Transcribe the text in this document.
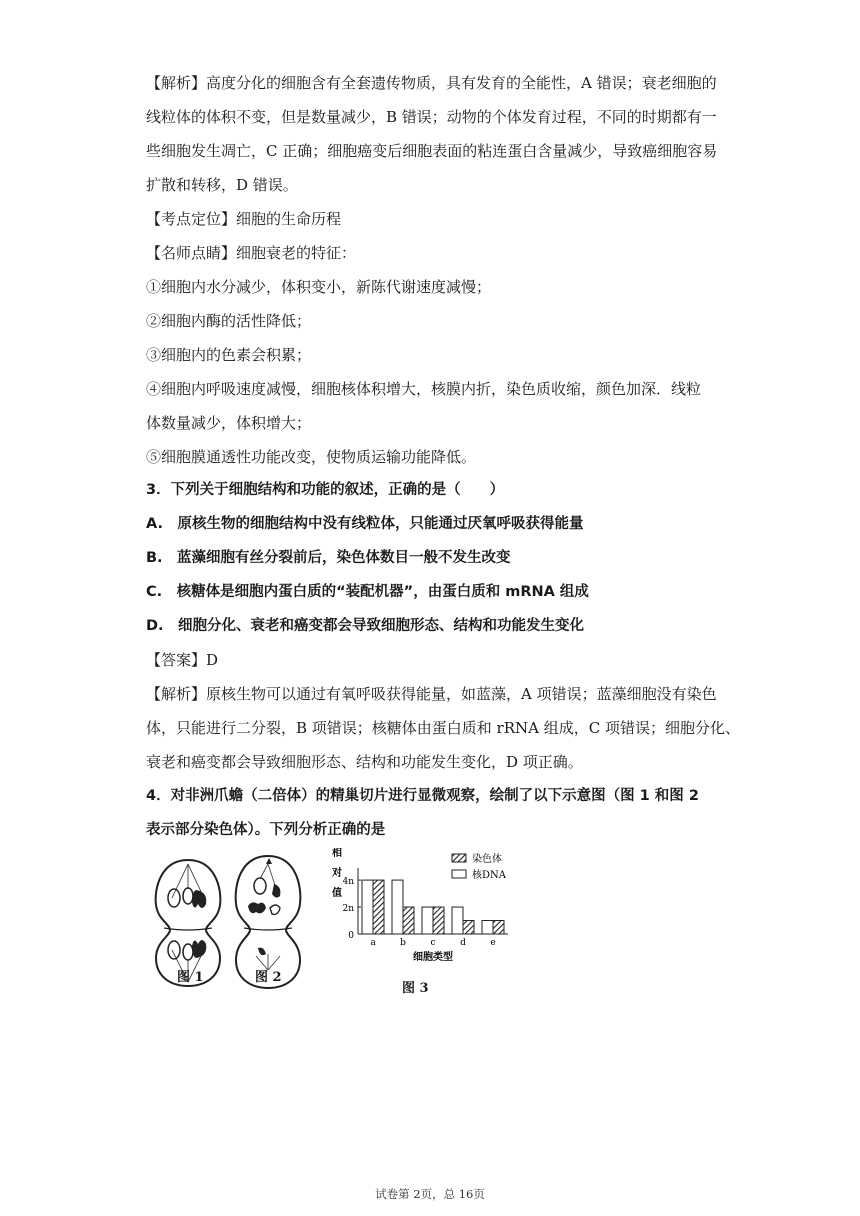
【解析】高度分化的细胞含有全套遗传物质，具有发育的全能性，A 错误；衰老细胞的
线粒体的体积不变，但是数量减少，B 错误；动物的个体发育过程，不同的时期都有一
些细胞发生凋亡，C 正确；细胞癌变后细胞表面的粘连蛋白含量减少，导致癌细胞容易
扩散和转移，D 错误。
【考点定位】细胞的生命历程
【名师点睛】细胞衰老的特征：
①细胞内水分减少，体积变小，新陈代谢速度减慢；
②细胞内酶的活性降低；
③细胞内的色素会积累；
④细胞内呼吸速度减慢，细胞核体积增大，核膜内折，染色质收缩，颜色加深．线粒
体数量减少，体积增大；
⑤细胞膜通透性功能改变，使物质运输功能降低。
3．下列关于细胞结构和功能的叙述，正确的是（　　）
A.　原核生物的细胞结构中没有线粒体，只能通过厌氧呼吸获得能量
B.　蓝藻细胞有丝分裂前后，染色体数目一般不发生改变
C.　核糖体是细胞内蛋白质的“装配机器”，由蛋白质和 mRNA 组成
D.　细胞分化、衰老和癌变都会导致细胞形态、结构和功能发生变化
【答案】D
【解析】原核生物可以通过有氧呼吸获得能量，如蓝藻，A 项错误；蓝藻细胞没有染色
体，只能进行二分裂，B 项错误；核糖体由蛋白质和 rRNA 组成，C 项错误；细胞分化、
衰老和癌变都会导致细胞形态、结构和功能发生变化，D 项正确。
4．对非洲爪蟾（二倍体）的精巢切片进行显微观察，绘制了以下示意图（图 1 和图 2
表示部分染色体）。下列分析正确的是
图 1	图 2
相
对
值
0
2n
4n
a	b	c	d	e
细胞类型
染色体
核DNA
图 3
试卷第 2页，总 16页
